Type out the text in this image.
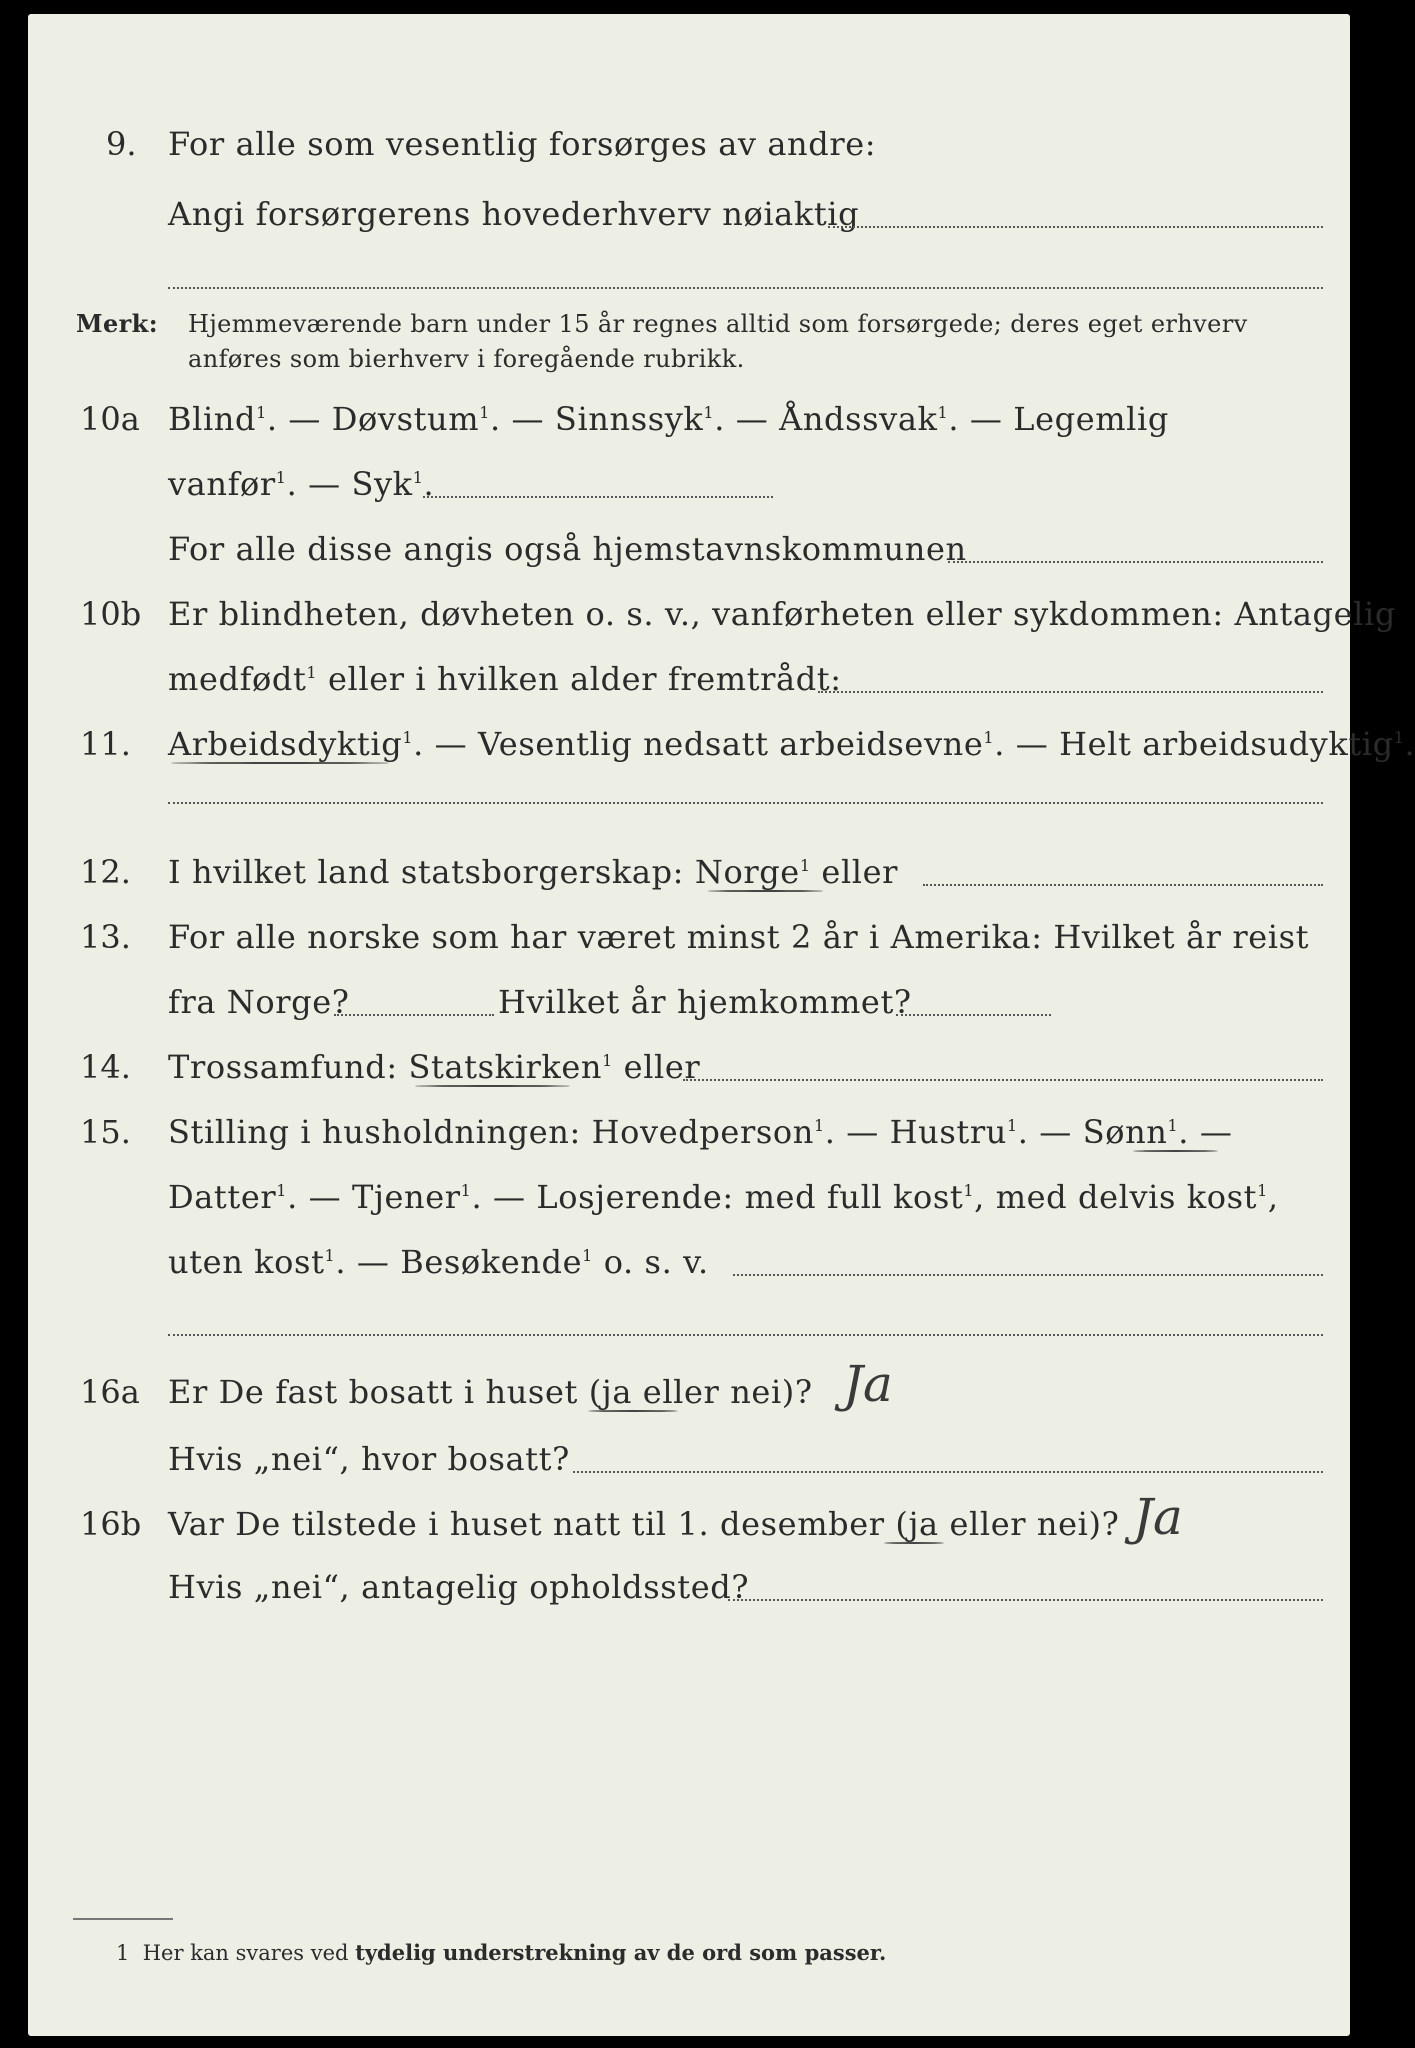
9. For alle som vesentlig forsørges av andre:
Angi forsørgerens hovederhverv nøiaktig
Merk: Hjemmeværende barn under 15 år regnes alltid som forsørgede; deres eget erhverv
anføres som bierhverv i foregående rubrikk.
10a Blind$^1$. — Døvstum$^1$. — Sinnssyk$^1$. — Åndssvak$^1$. — Legemlig
vanfør$^1$. — Syk$^1$.
For alle disse angis også hjemstavnskommunen
10b Er blindheten, døvheten o. s. v., vanførheten eller sykdommen: Antagelig
medfødt$^1$ eller i hvilken alder fremtrådt:
11. Arbeidsdyktig$^1$. — Vesentlig nedsatt arbeidsevne$^1$. — Helt arbeidsudyktig$^1$.
12. I hvilket land statsborgerskap: Norge$^1$ eller
13. For alle norske som har været minst 2 år i Amerika: Hvilket år reist
fra Norge?	Hvilket år hjemkommet?
14. Trossamfund: Statskirken$^1$ eller
15. Stilling i husholdningen: Hovedperson$^1$. — Hustru$^1$. — Sønn$^1$. —
Datter$^1$. — Tjener$^1$. — Losjerende: med full kost$^1$, med delvis kost$^1$,
uten kost$^1$. — Besøkende$^1$ o. s. v.
16a Er De fast bosatt i huset (ja eller nei)? Ja
Hvis „nei“, hvor bosatt?
16b Var De tilstede i huset natt til 1. desember (ja eller nei)? Ja
Hvis „nei“, antagelig opholdssted?
1 Her kan svares ved tydelig understrekning av de ord som passer.
